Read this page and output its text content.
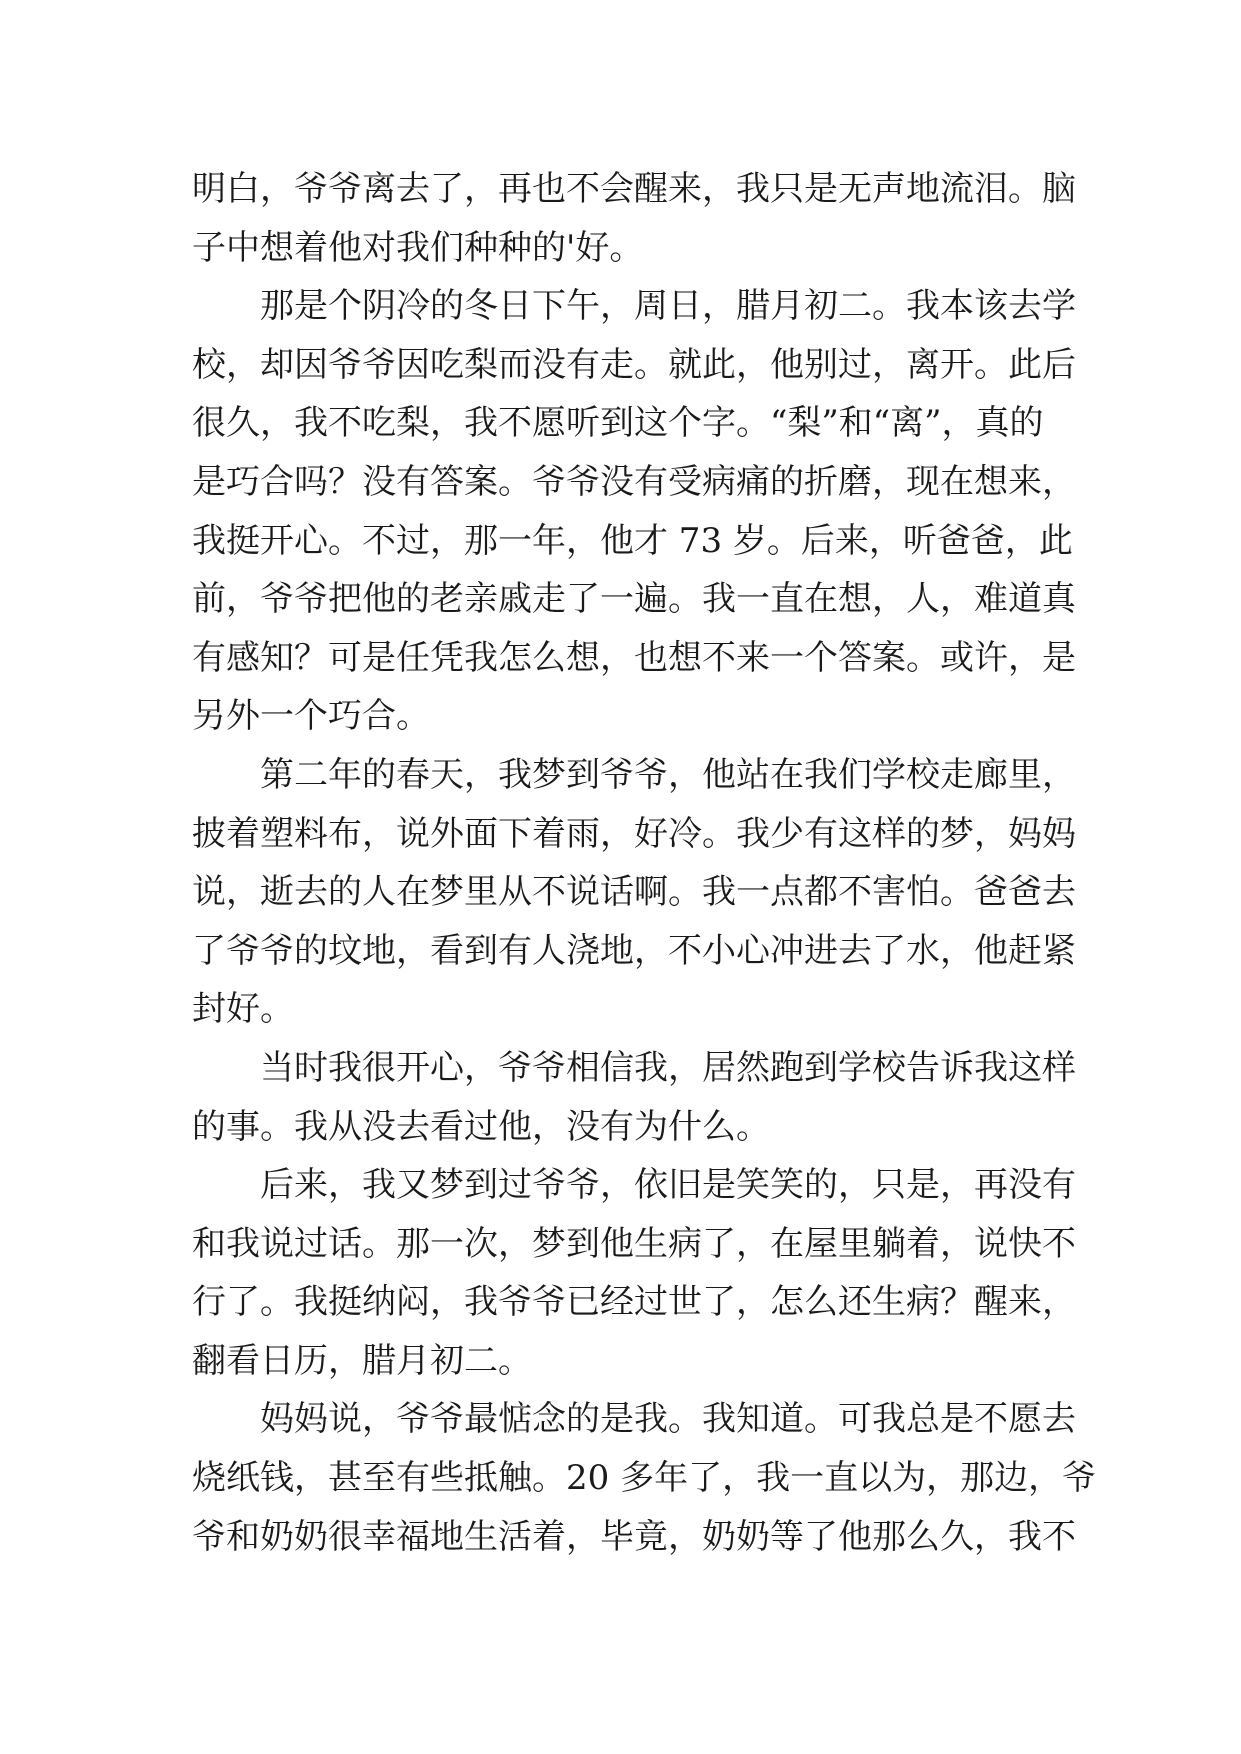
明白，爷爷离去了，再也不会醒来，我只是无声地流泪。脑
子中想着他对我们种种的'好。
那是个阴冷的冬日下午，周日，腊月初二。我本该去学
校，却因爷爷因吃梨而没有走。就此，他别过，离开。此后
很久，我不吃梨，我不愿听到这个字。“梨”和“离”，真的
是巧合吗？没有答案。爷爷没有受病痛的折磨，现在想来，
我挺开心。不过，那一年，他才 73 岁。后来，听爸爸，此
前，爷爷把他的老亲戚走了一遍。我一直在想，人，难道真
有感知？可是任凭我怎么想，也想不来一个答案。或许，是
另外一个巧合。
第二年的春天，我梦到爷爷，他站在我们学校走廊里，
披着塑料布，说外面下着雨，好冷。我少有这样的梦，妈妈
说，逝去的人在梦里从不说话啊。我一点都不害怕。爸爸去
了爷爷的坟地，看到有人浇地，不小心冲进去了水，他赶紧
封好。
当时我很开心，爷爷相信我，居然跑到学校告诉我这样
的事。我从没去看过他，没有为什么。
后来，我又梦到过爷爷，依旧是笑笑的，只是，再没有
和我说过话。那一次，梦到他生病了，在屋里躺着，说快不
行了。我挺纳闷，我爷爷已经过世了，怎么还生病？醒来，
翻看日历，腊月初二。
妈妈说，爷爷最惦念的是我。我知道。可我总是不愿去
烧纸钱，甚至有些抵触。20 多年了，我一直以为，那边，爷
爷和奶奶很幸福地生活着，毕竟，奶奶等了他那么久，我不
